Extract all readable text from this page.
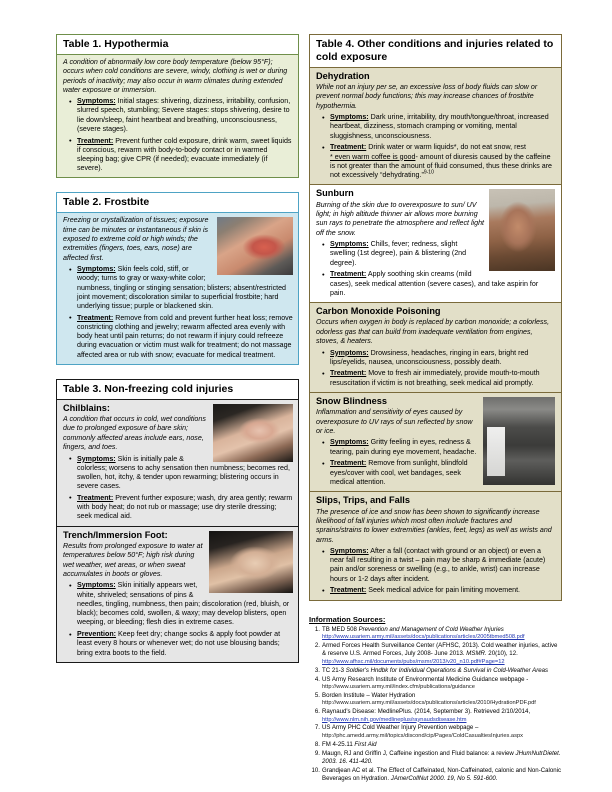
Table 1. Hypothermia

A condition of abnormally low core body temperature (below 95°F); occurs when cold conditions are severe, windy, clothing is wet or during periods of inactivity; may also occur in warm climates during extended water exposure or immersion.

• Symptoms: Initial stages: shivering, dizziness, irritability, confusion, slurred speech, stumbling; Severe stages: stops shivering, desire to lie down/sleep, faint heartbeat and breathing, unconsciousness, (severe stages).
• Treatment: Prevent further cold exposure, drink warm, sweet liquids if conscious, rewarm with body-to-body contact or in warmed sleeping bag; give CPR (if needed); evacuate immediately (if severe).
Table 2. Frostbite

Freezing or crystallization of tissues; exposure time can be minutes or instantaneous if skin is exposed to extreme cold or high winds; the extremities (fingers, toes, ears, nose) are affected first.

• Symptoms: Skin feels cold, stiff, or woody; turns to gray or waxy-white color; numbness, tingling or stinging sensation; blisters; absent/restricted joint movement; discoloration similar to superficial frostbite; hard underlying tissue; purple or blackened skin.
• Treatment: Remove from cold and prevent further heat loss; remove constricting clothing and jewelry; rewarm affected area evenly with body heat until pain returns; do not rewarm if injury could refreeze during evacuation or victim must walk for treatment; do not massage affected area or rub with snow; evacuate for medical treatment.
Table 3. Non-freezing cold injuries
Chilblains:

A condition that occurs in cold, wet conditions due to prolonged exposure of bare skin; commonly affected areas include ears, nose, fingers, and toes.

• Symptoms: Skin is initially pale & colorless; worsens to achy sensation then numbness; becomes red, swollen, hot, itchy, & tender upon rewarming; blistering occurs in severe cases.
• Treatment: Prevent further exposure; wash, dry area gently; rewarm with body heat; do not rub or massage; use dry sterile dressing; seek medical aid.
Trench/Immersion Foot:

Results from prolonged exposure to water at temperatures below 50°F; high risk during wet weather, wet areas, or when sweat accumulates in boots or gloves.

• Symptoms: Skin initially appears wet, white, shriveled; sensations of pins & needles, tingling, numbness, then pain; discoloration (red, bluish, or black); becomes cold, swollen, & waxy; may develop blisters, open weeping, or bleeding; flesh dies in extreme cases.
• Prevention: Keep feet dry; change socks & apply foot powder at least every 8 hours or whenever wet; do not use blousing bands; bring extra boots to the field.
Table 4. Other conditions and injuries related to cold exposure
Dehydration

While not an injury per se, an excessive loss of body fluids can slow or prevent normal body functions; this may increase chances of frostbite hypothermia.

• Symptoms: Dark urine, irritability, dry mouth/tongue/throat, increased heartbeat, dizziness, stomach cramping or vomiting, mental sluggishness, unconsciousness.
• Treatment: Drink water or warm liquids*, do not eat snow, rest
* even warm coffee is good- amount of diuresis caused by the caffeine is not greater than the amount of fluid consumed, thus these drinks are not excessively “dehydrating.”$^{9-10}$
Sunburn

Burning of the skin due to overexposure to sun/ UV light; in high altitude thinner air allows more burning sun rays to penetrate the atmosphere and reflect light off the snow.

• Symptoms: Chills, fever; redness, slight swelling (1st degree), pain & blistering (2nd degree).
• Treatment: Apply soothing skin creams (mild cases), seek medical attention (severe cases), and take aspirin for pain.
Carbon Monoxide Poisoning

Occurs when oxygen in body is replaced by carbon monoxide; a colorless, odorless gas that can build from inadequate ventilation from engines, stoves, & heaters.

• Symptoms: Drowsiness, headaches, ringing in ears, bright red lips/eyelids, nausea, unconsciousness, possibly death.
• Treatment: Move to fresh air immediately, provide mouth-to-mouth resuscitation if victim is not breathing, seek medical aid promptly.
Snow Blindness

Inflammation and sensitivity of eyes caused by overexposure to UV rays of sun reflected by snow or ice.

• Symptoms: Gritty feeling in eyes, redness & tearing, pain during eye movement, headache.
• Treatment: Remove from sunlight, blindfold eyes/cover with cool, wet bandages, seek medical attention.
Slips, Trips, and Falls

The presence of ice and snow has been shown to significantly increase likelihood of fall injuries which most often include fractures and sprains/strains to lower extremities (ankles, feet, legs) as well as wrists and arms.

• Symptoms: After a fall (contact with ground or an object) or even a near fall resulting in a twist – pain may be sharp & immediate (acute) pain and/or soreness or swelling (e.g., to ankle, wrist) can increase hours or 1-2 days after incident.
• Treatment: Seek medical advice for pain limiting movement.
Information Sources:
TB MED 508 Prevention and Management of Cold Weather Injuries
http://www.usariem.army.mil/assets/docs/publications/articles/2005tbmed508.pdf
Armed Forces Health Surveillance Center (AFHSC, 2013). Cold weather injuries, active & reserve U.S. Armed Forces, July 2008- June 2013. MSMR. 20(10), 12.
http://www.afhsc.mil/documents/pubs/msmr/2013/v20_n10.pdf#Page=12
TC 21-3 Soldier's Hndbk for Individual Operations & Survival in Cold-Weather Areas
US Army Research Institute of Environmental Medicine Guidance webpage -
http://www.usariem.army.mil/index.cfm/publications/guidance
Borden Institute – Water Hydration
http://www.usariem.army.mil/assets/docs/publications/articles/2010/HydrationPDF.pdf
Raynaud's Disease: MedlinePlus. (2014, September 3). Retrieved 2/10/2014,
http://www.nlm.nih.gov/medlineplus/raynaudsdisease.htm
US Army PHC Cold Weather Injury Prevention webpage –
http://phc.amedd.army.mil/topics/discond/cip/Pages/ColdCasualtiesInjuries.aspx
FM 4-25.11 First Aid
Maugn, RJ and Griffin J, Caffeine ingestion and Fluid balance: a review JHumNutrDietet. 2003. 16. 411-420.
Grandjean AC et al. The Effect of Caffeinated, Non-Caffeinated, calonic and Non-Calonic Beverages on Hydration. JAmerCollNut 2000. 19, No 5. 591-600.
